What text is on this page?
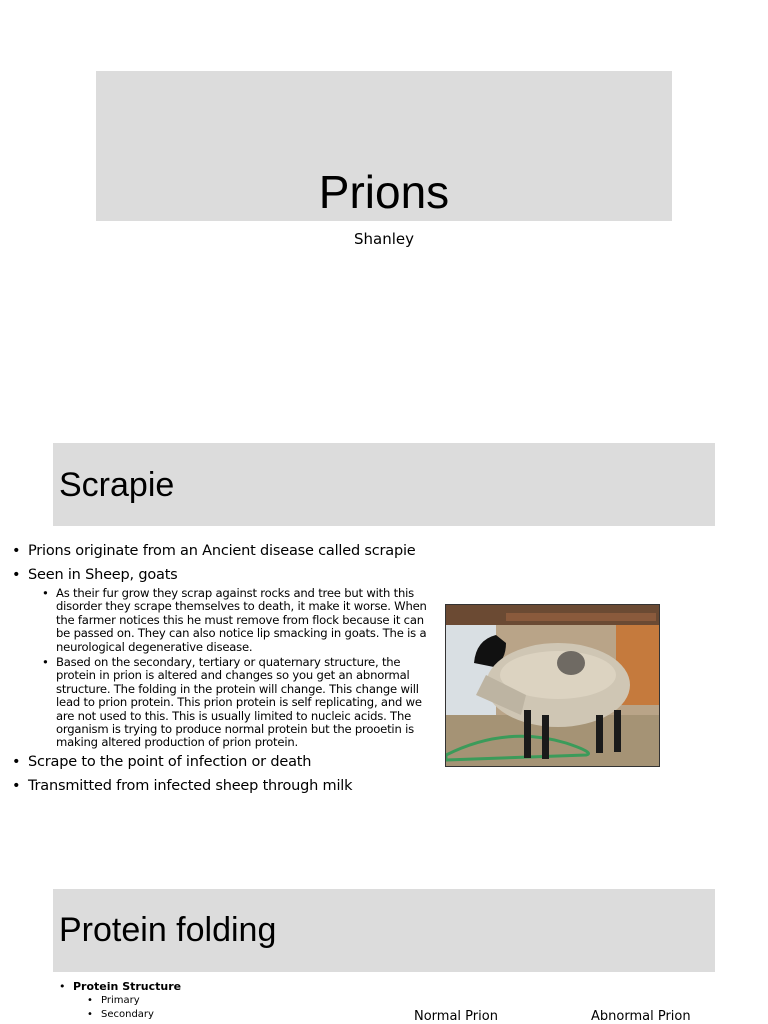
Prions
Shanley
Scrapie
• Prions originate from an Ancient disease called scrapie
• Seen in Sheep, goats
• As their fur grow they scrap against rocks and tree but with this disorder they scrape themselves to death, it make it worse. When the farmer notices this he must remove from flock because it can be passed on. They can also notice lip smacking in goats. The is a neurological degenerative disease.
• Based on the secondary, tertiary or quaternary structure, the protein in prion is altered and changes so you get an abnormal structure. The folding in the protein will change. This change will lead to prion protein. This prion protein is self replicating, and we are not used to this. This is usually limited to nucleic acids. The organism is trying to produce normal protein but the prooetin is making altered production of prion protein.
• Scrape to the point of infection or death
• Transmitted from infected sheep through milk
Protein folding
• Protein Structure
• Primary
• Secondary	Normal Prion	Abnormal Prion
